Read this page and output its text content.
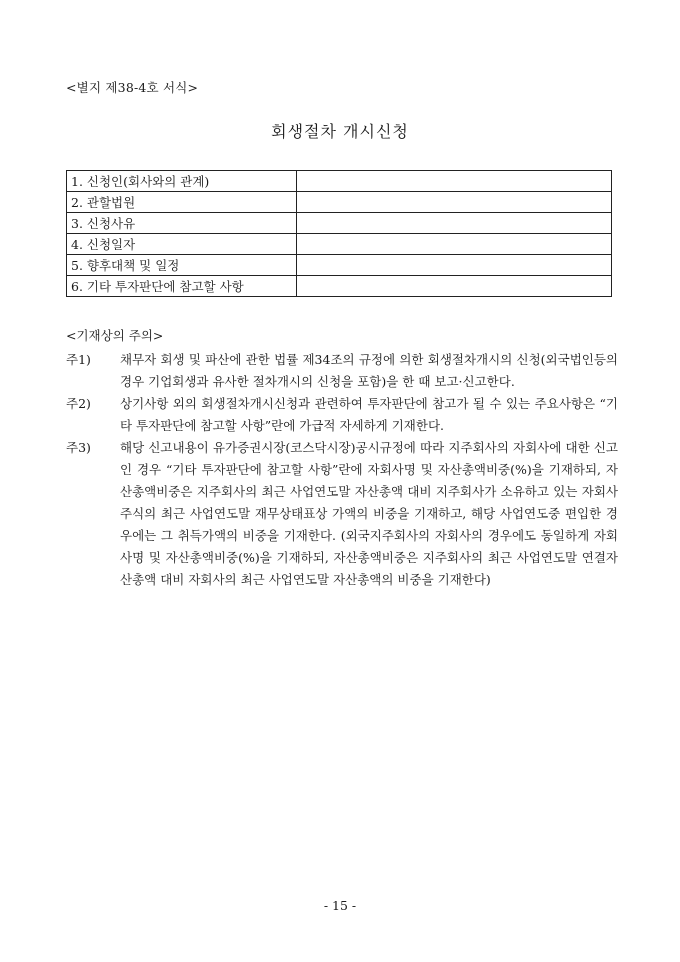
<별지 제38-4호 서식>
회생절차 개시신청
1. 신청인(회사와의 관계)	
2. 관할법원	
3. 신청사유	
4. 신청일자	
5. 향후대책 및 일정	
6. 기타 투자판단에 참고할 사항	
<기재상의 주의>
주1)	채무자 회생 및 파산에 관한 법률 제34조의 규정에 의한 회생절차개시의 신청(외국법인등의 경우 기업회생과 유사한 절차개시의 신청을 포함)을 한 때 보고·신고한다.
주2)	상기사항 외의 회생절차개시신청과 관련하여 투자판단에 참고가 될 수 있는 주요사항은 “기타 투자판단에 참고할 사항”란에 가급적 자세하게 기재한다.
주3)	해당 신고내용이 유가증권시장(코스닥시장)공시규정에 따라 지주회사의 자회사에 대한 신고인 경우 “기타 투자판단에 참고할 사항”란에 자회사명 및 자산총액비중(%)을 기재하되, 자산총액비중은 지주회사의 최근 사업연도말 자산총액 대비 지주회사가 소유하고 있는 자회사주식의 최근 사업연도말 재무상태표상 가액의 비중을 기재하고, 해당 사업연도중 편입한 경우에는 그 취득가액의 비중을 기재한다. (외국지주회사의 자회사의 경우에도 동일하게 자회사명 및 자산총액비중(%)을 기재하되, 자산총액비중은 지주회사의 최근 사업연도말 연결자산총액 대비 자회사의 최근 사업연도말 자산총액의 비중을 기재한다)
- 15 -
